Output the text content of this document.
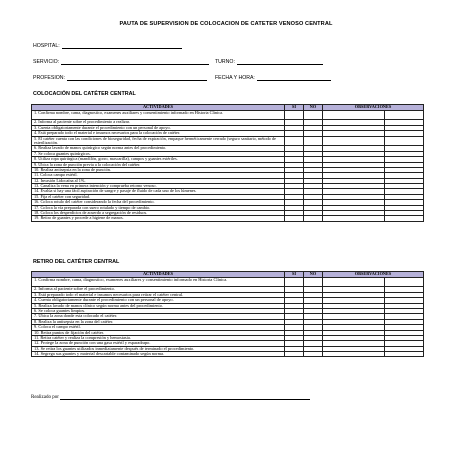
PAUTA DE SUPERVISION DE COLOCACION DE CATETER VENOSO CENTRAL
HOSPITAL:
SERVICIO:	TURNO:
PROFESION:	FECHA Y HORA:
COLOCACIÓN DEL CATÉTER CENTRAL
ACTIVIDADES	SI	NO	OBSERVACIONES	
1. Confirma nombre, cama, diagnostico, examenes auxiliares y consentimiento informado en Historia Clinica.				
2. Informa al paciente sobre el procedimiento a realizar.				
3. Cuenta obligatoriamente durante el procedimiento con un personal de apoyo.				
4. Está preparado todo el material e insumos necesarios para la colocación de catéter.				
5. El catéter cuenta con las condiciones de bioseguridad, fecha de expiración, empaque herméticamente cerrado (seguro sanitario, método de esterilización.				
6. Realiza lavado de manos quirúrgico según norma antes del procedimiento.				
7. Se coloca guantes quirúrgicos.				
8. Utiliza ropa quirúrgica (mandilón, gorro, mascarilla), campos y guantes estériles.				
9. Ubica la zona de punción previa a la colocación del catéter.				
10. Realiza antisepsia en la zona de punción.				
11. Coloca campo estéril.				
12. Invasión Lidocaína al 1%.				
13. Canaliza la vena en primera intención y comprueba retorno venoso.				
14. Evalúa si hay una fácil aspiración de sangre y pasaje de fluido de cada uno de los lúmenes.				
15. Fija el catéter con seguridad.				
16. Coloca rotulo del catéter considerando la fecha del procedimiento.				
17. Coloca la vía preparada con suero rotulado y tiempo de cambio.				
18. Coloca los desperdicios de acuerdo a segregación de residuos.				
19. Retiro de guantes y procede a higiene de manos.				
RETIRO DEL CATÉTER CENTRAL
ACTIVIDADES	SI	NO	OBSERVACIONES	
1. Confirma nombre, cama, diagnostico, examenes auxiliares y consentimiento informado en Historia Clínica.				
2. Informa al paciente sobre el procedimiento.				
3. Está preparado todo el material e insumos necesarios para retirar el catéter central.				
4. Cuenta obligatoriamente durante el procedimiento con un personal de apoyo.				
5. Realiza lavado de manos clínico según norma antes del procedimiento.				
6. Se coloca guantes limpios.				
7. Ubica la zona donde esta colocado el catéter.				
8. Realiza la antisepsia en la zona del catéter.				
9. Coloca el campo estéril.				
10. Retira puntos de fijación del catéter.				
11. Retira catéter y realiza la compresión y hemostasia.				
12. Protege la zona de punción con una gasa estéril y esparadrapo.				
13. Se retira los guantes utilizados inmediatamente después de terminado el procedimiento.				
14. Segrega sus guantes y material descartable contaminado según norma.				
Realizado por
